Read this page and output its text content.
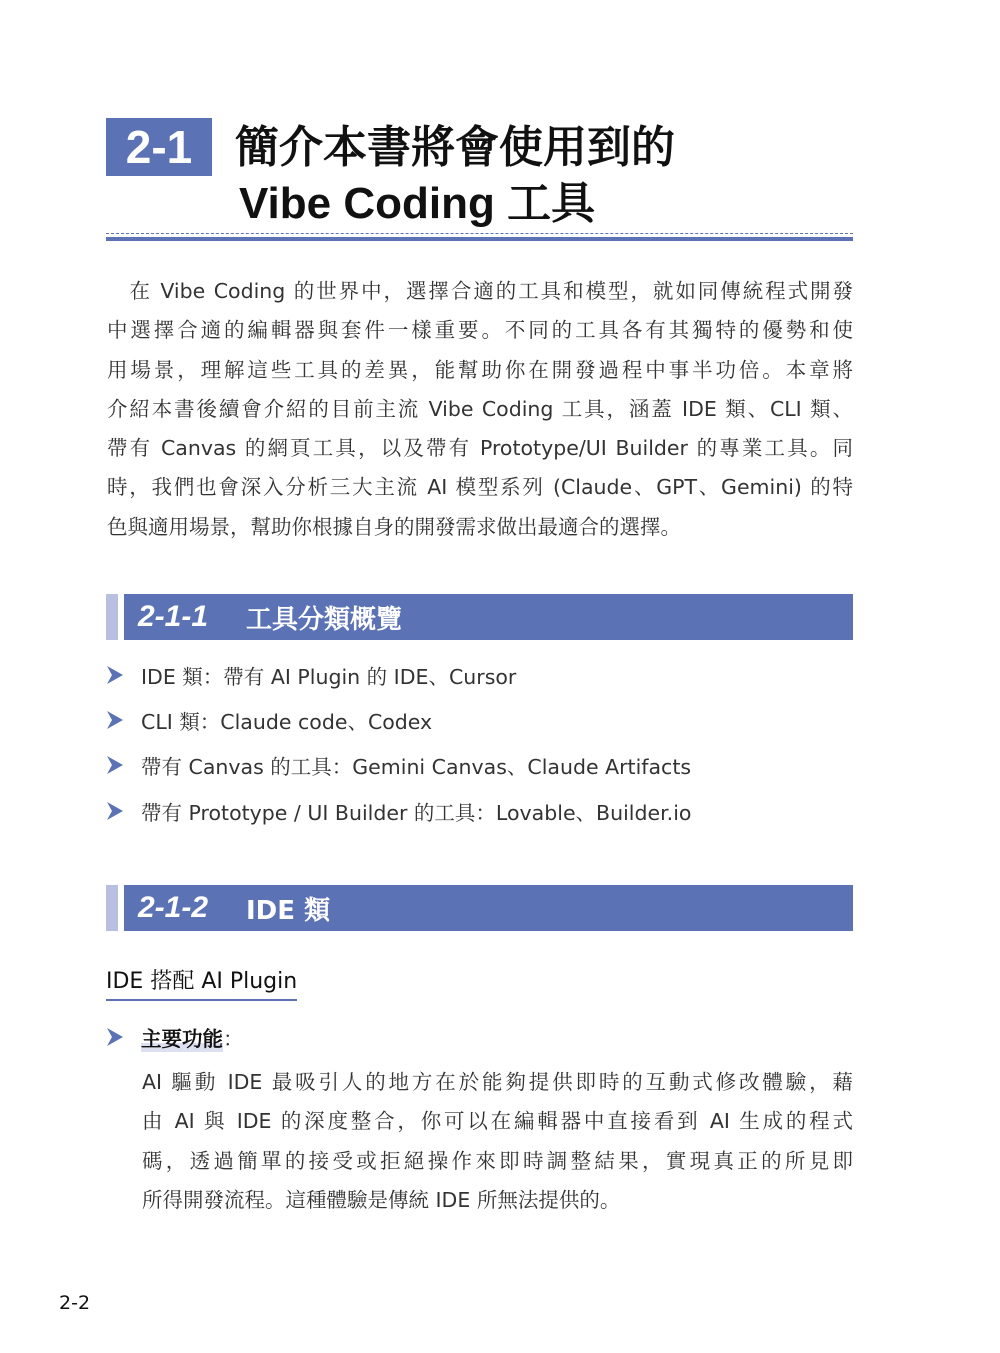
2-1 簡介本書將會使用到的
Vibe Coding 工具
　在 Vibe Coding 的世界中，選擇合適的工具和模型，就如同傳統程式開發
中選擇合適的編輯器與套件一樣重要。不同的工具各有其獨特的優勢和使
用場景，理解這些工具的差異，能幫助你在開發過程中事半功倍。本章將
介紹本書後續會介紹的目前主流 Vibe Coding 工具，涵蓋 IDE 類、CLI 類、
帶有 Canvas 的網頁工具，以及帶有 Prototype/UI Builder 的專業工具。同
時，我們也會深入分析三大主流 AI 模型系列 (Claude、GPT、Gemini) 的特
色與適用場景，幫助你根據自身的開發需求做出最適合的選擇。
2-1-1	工具分類概覽
IDE 類：帶有 AI Plugin 的 IDE、Cursor
CLI 類：Claude code、Codex
帶有 Canvas 的工具：Gemini Canvas、Claude Artifacts
帶有 Prototype / UI Builder 的工具：Lovable、Builder.io
2-1-2	IDE 類
IDE 搭配 AI Plugin
主要功能 ：
AI 驅動 IDE 最吸引人的地方在於能夠提供即時的互動式修改體驗，藉
由 AI 與 IDE 的深度整合，你可以在編輯器中直接看到 AI 生成的程式
碼，透過簡單的接受或拒絕操作來即時調整結果，實現真正的所見即
所得開發流程。這種體驗是傳統 IDE 所無法提供的。
2-2
